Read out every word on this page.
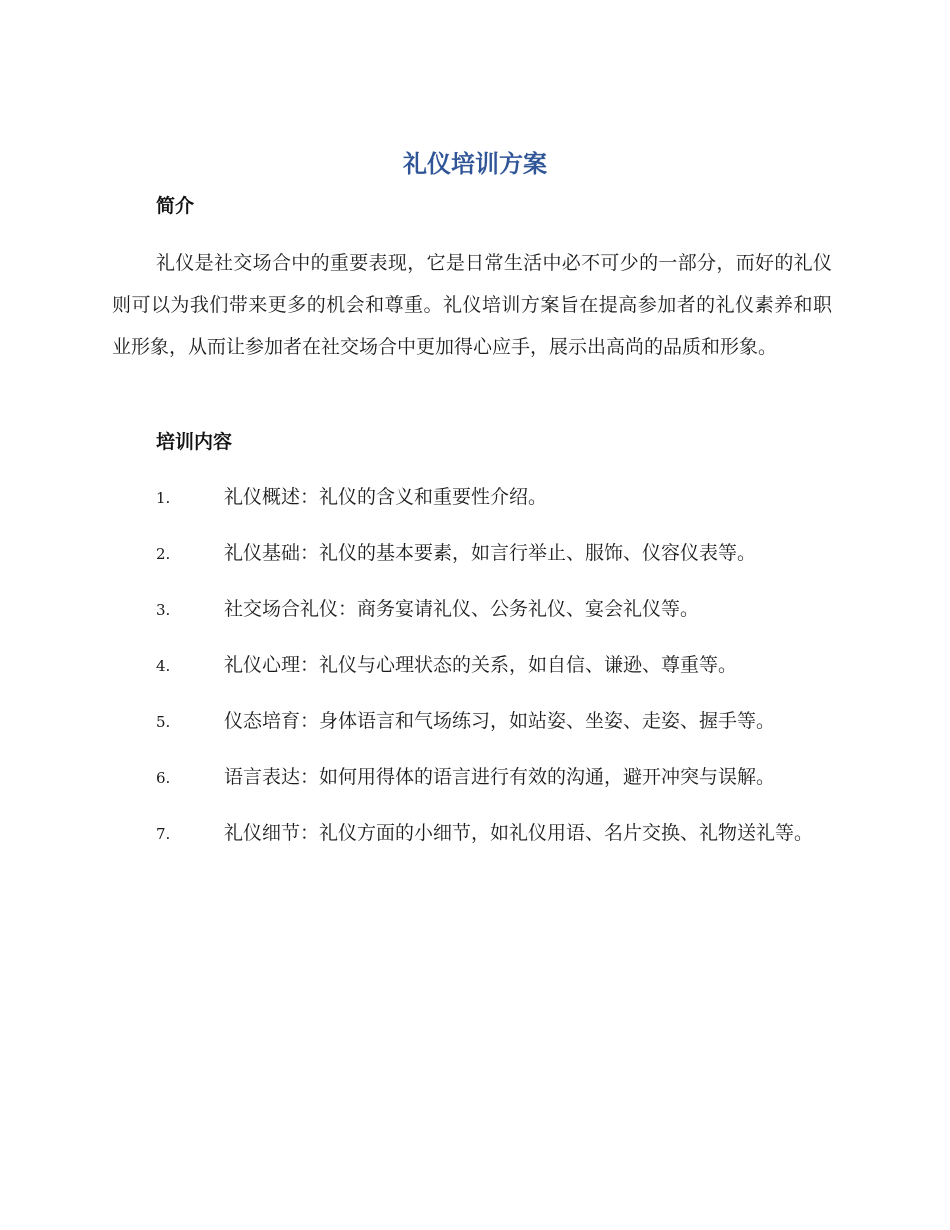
礼仪培训方案
简介

礼仪是社交场合中的重要表现，它是日常生活中必不可少的一部分，而好的礼仪则可以为我们带来更多的机会和尊重。礼仪培训方案旨在提高参加者的礼仪素养和职业形象，从而让参加者在社交场合中更加得心应手，展示出高尚的品质和形象。

培训内容
1.	礼仪概述：礼仪的含义和重要性介绍。
2.	礼仪基础：礼仪的基本要素，如言行举止、服饰、仪容仪表等。
3.	社交场合礼仪：商务宴请礼仪、公务礼仪、宴会礼仪等。
4.	礼仪心理：礼仪与心理状态的关系，如自信、谦逊、尊重等。
5.	仪态培育：身体语言和气场练习，如站姿、坐姿、走姿、握手等。
6.	语言表达：如何用得体的语言进行有效的沟通，避开冲突与误解。
7.	礼仪细节：礼仪方面的小细节，如礼仪用语、名片交换、礼物送礼等。
